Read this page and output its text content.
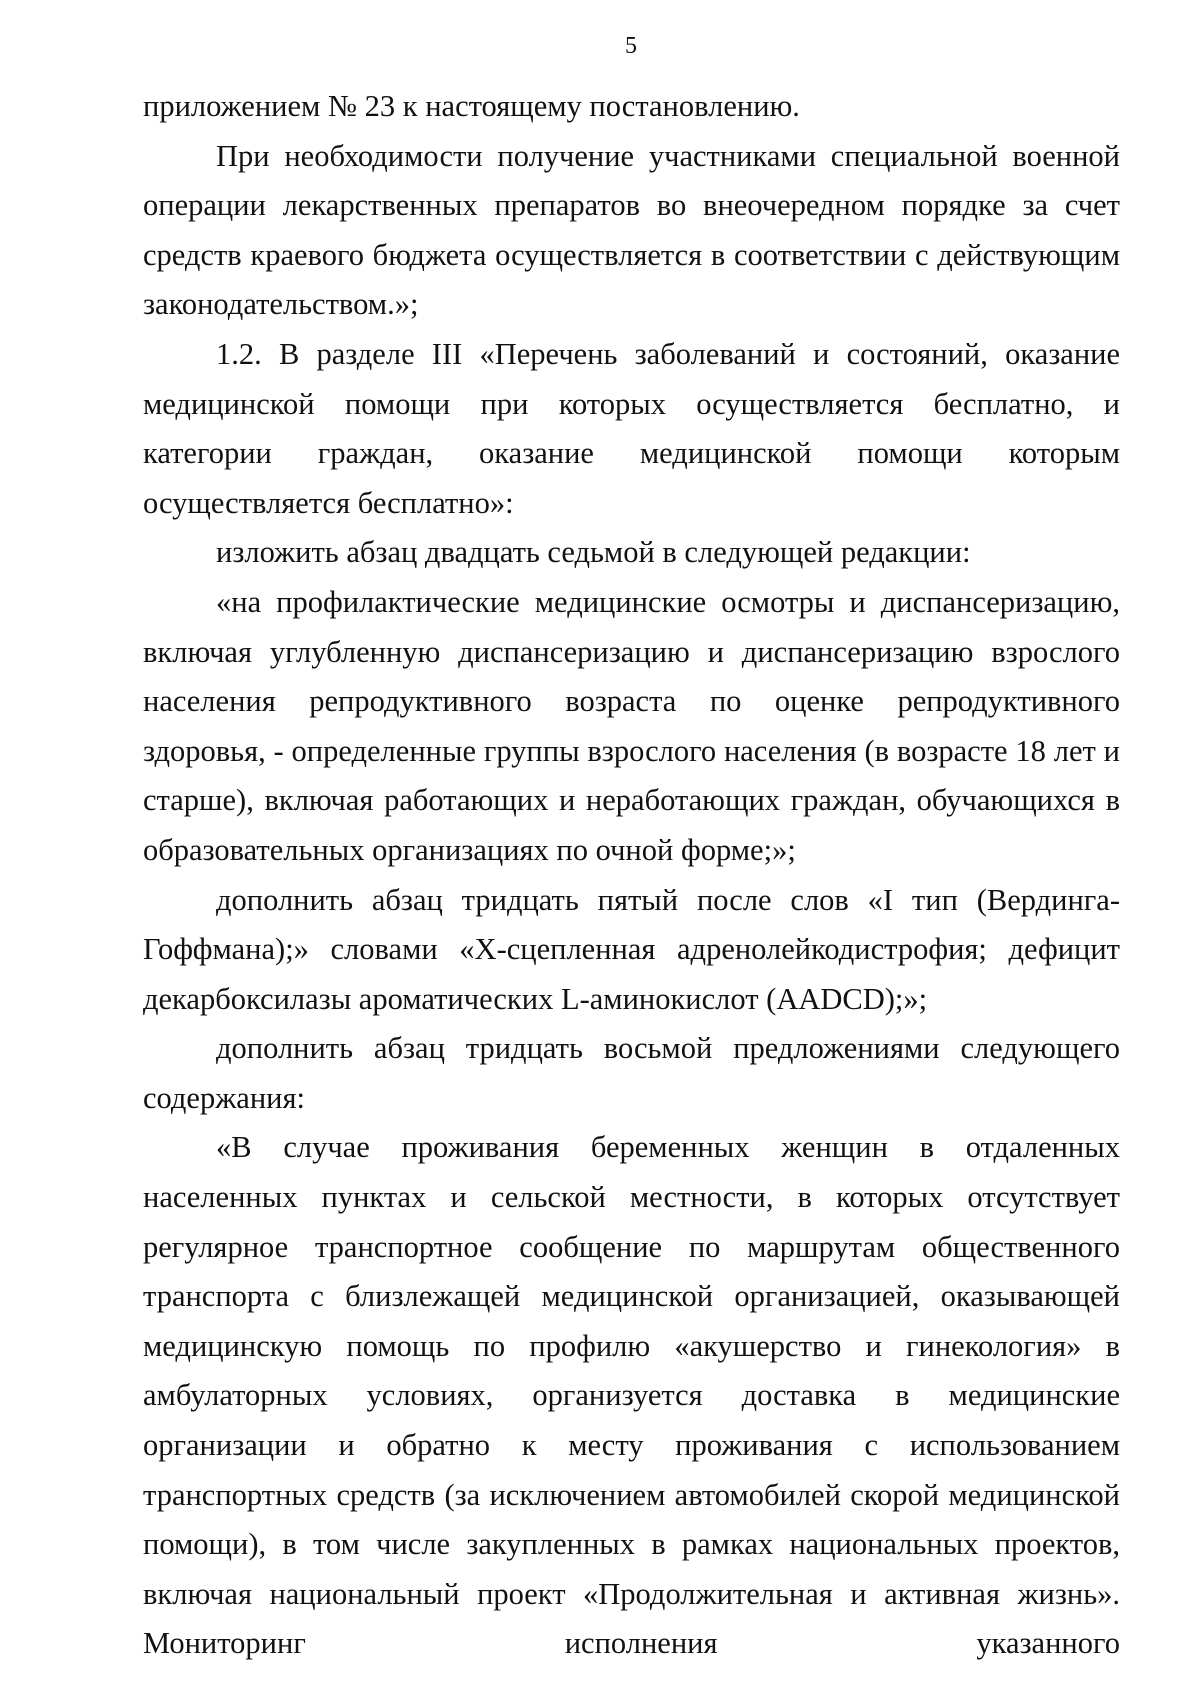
5

приложением № 23 к настоящему постановлению.

При необходимости получение участниками специальной военной операции лекарственных препаратов во внеочередном порядке за счет средств краевого бюджета осуществляется в соответствии с действующим законодательством.»;

1.2. В разделе III «Перечень заболеваний и состояний, оказание медицинской помощи при которых осуществляется бесплатно, и категории граждан, оказание медицинской помощи которым осуществляется бесплатно»:

изложить абзац двадцать седьмой в следующей редакции:

«на профилактические медицинские осмотры и диспансеризацию, включая углубленную диспансеризацию и диспансеризацию взрослого населения репродуктивного возраста по оценке репродуктивного здоровья, - определенные группы взрослого населения (в возрасте 18 лет и старше), включая работающих и неработающих граждан, обучающихся в образовательных организациях по очной форме;»;

дополнить абзац тридцать пятый после слов «I тип (Вердинга-Гоффмана);» словами «X-сцепленная адренолейкодистрофия; дефицит декарбоксилазы ароматических L-аминокислот (AADCD);»;

дополнить абзац тридцать восьмой предложениями следующего содержания:

«В случае проживания беременных женщин в отдаленных населенных пунктах и сельской местности, в которых отсутствует регулярное транспортное сообщение по маршрутам общественного транспорта с близлежащей медицинской организацией, оказывающей медицинскую помощь по профилю «акушерство и гинекология» в амбулаторных условиях, организуется доставка в медицинские организации и обратно к месту проживания с использованием транспортных средств (за исключением автомобилей скорой медицинской помощи), в том числе закупленных в рамках национальных проектов, включая национальный проект «Продолжительная и активная жизнь». Мониторинг исполнения указанного
